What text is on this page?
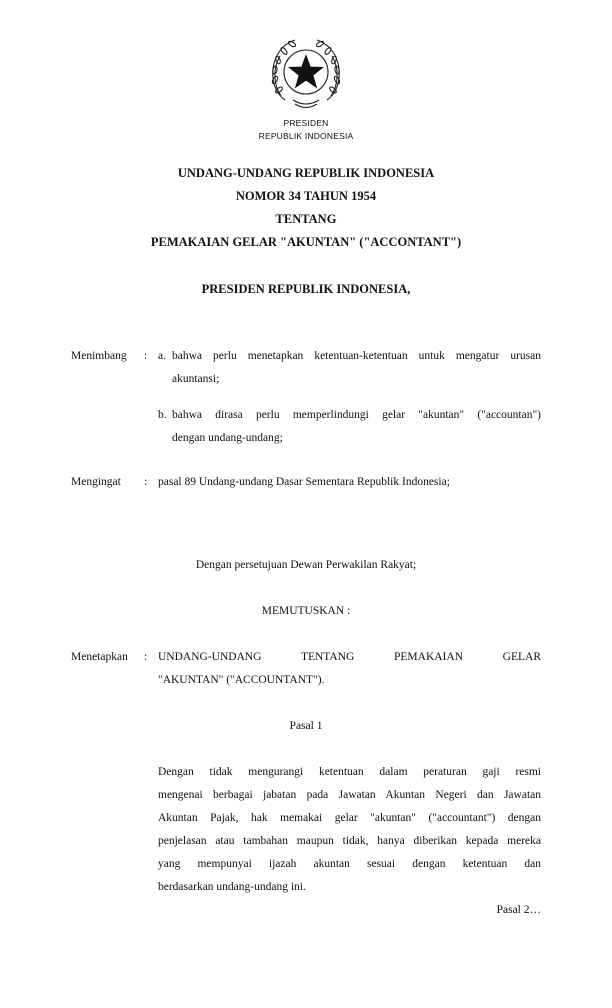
PRESIDEN
REPUBLIK INDONESIA
UNDANG-UNDANG REPUBLIK INDONESIA
NOMOR 34 TAHUN 1954
TENTANG
PEMAKAIAN GELAR "AKUNTAN" ("ACCONTANT")
PRESIDEN REPUBLIK INDONESIA,
Menimbang : a. bahwa perlu menetapkan ketentuan-ketentuan untuk mengatur urusan
akuntansi;
b. bahwa dirasa perlu memperlindungi gelar "akuntan" ("accountan")
dengan undang-undang;
Mengingat : pasal 89 Undang-undang Dasar Sementara Republik Indonesia;
Dengan persetujuan Dewan Perwakilan Rakyat;
MEMUTUSKAN :
Menetapkan : UNDANG-UNDANG TENTANG PEMAKAIAN GELAR
"AKUNTAN" ("ACCOUNTANT").
Pasal 1
Dengan tidak mengurangi ketentuan dalam peraturan gaji resmi
mengenai berbagai jabatan pada Jawatan Akuntan Negeri dan Jawatan
Akuntan Pajak, hak memakai gelar "akuntan" ("accountant") dengan
penjelasan atau tambahan maupun tidak, hanya diberikan kepada mereka
yang mempunyai ijazah akuntan sesuai dengan ketentuan dan
berdasarkan undang-undang ini.
Pasal 2…
